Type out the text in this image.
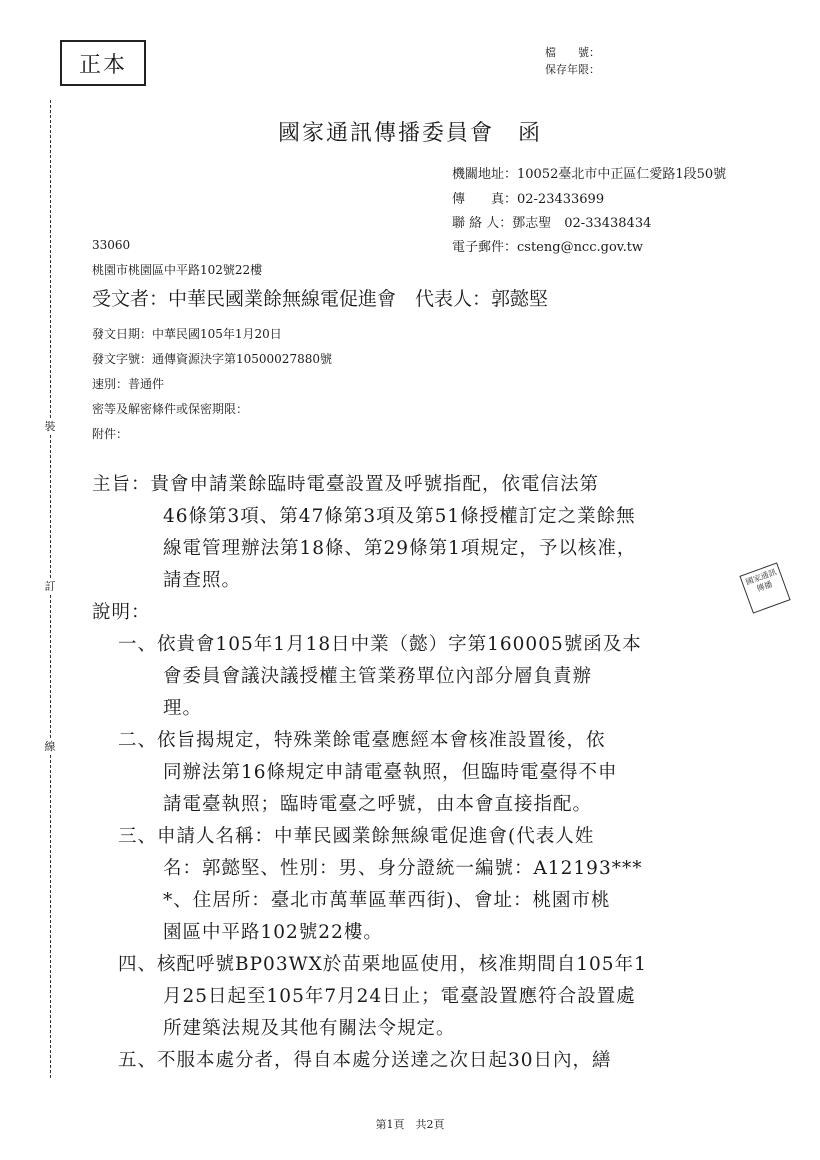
正本	檔　　號：
保存年限：
裝
訂
線
國家通訊傳播委員會　函
機關地址：10052臺北市中正區仁愛路1段50號
傳　　真：02-23433699
聯 絡 人：鄧志聖　02-33438434
電子郵件：csteng@ncc.gov.tw
33060
桃園市桃園區中平路102號22樓
受文者：中華民國業餘無線電促進會　代表人：郭懿堅
發文日期：中華民國105年1月20日
發文字號：通傳資源決字第10500027880號
速別：普通件
密等及解密條件或保密期限：
附件：
主旨：貴會申請業餘臨時電臺設置及呼號指配，依電信法第
46條第3項、第47條第3項及第51條授權訂定之業餘無
線電管理辦法第18條、第29條第1項規定，予以核准，
請查照。	國家通訊傳播
說明：
一、依貴會105年1月18日中業（懿）字第160005號函及本
會委員會議決議授權主管業務單位內部分層負責辦
理。
二、依旨揭規定，特殊業餘電臺應經本會核准設置後，依
同辦法第16條規定申請電臺執照，但臨時電臺得不申
請電臺執照；臨時電臺之呼號，由本會直接指配。
三、申請人名稱：中華民國業餘無線電促進會(代表人姓
名：郭懿堅、性別：男、身分證統一編號：A12193***
*、住居所：臺北市萬華區華西街)、會址：桃園市桃
園區中平路102號22樓。
四、核配呼號BP03WX於苗栗地區使用，核准期間自105年1
月25日起至105年7月24日止；電臺設置應符合設置處
所建築法規及其他有關法令規定。
五、不服本處分者，得自本處分送達之次日起30日內，繕
第1頁　共2頁
